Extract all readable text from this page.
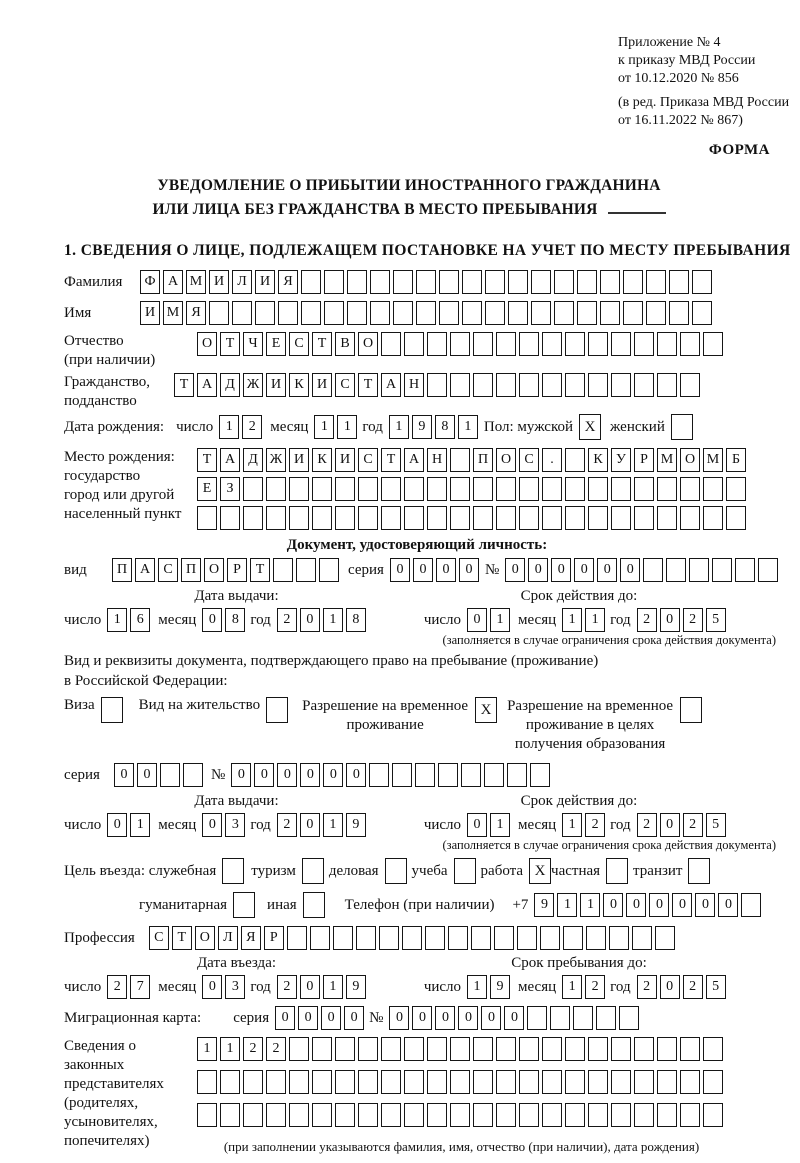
Приложение № 4
к приказу МВД России
от 10.12.2020 № 856
(в ред. Приказа МВД России
от 16.11.2022 № 867)
ФОРМА
УВЕДОМЛЕНИЕ О ПРИБЫТИИ ИНОСТРАННОГО ГРАЖДАНИНА
ИЛИ ЛИЦА БЕЗ ГРАЖДАНСТВА В МЕСТО ПРЕБЫВАНИЯ
1. СВЕДЕНИЯ О ЛИЦЕ, ПОДЛЕЖАЩЕМ ПОСТАНОВКЕ НА УЧЕТ ПО МЕСТУ ПРЕБЫВАНИЯ
Фамилия	Ф А М И Л И Я
Имя	И М Я
Отчество
(при наличии)
О Т	Ч	Е	С	Т	В О
Гражданство,
подданство
Т А Д Ж И К И С	Т А Н
Дата рождения: число 1	2 месяц 1	1 год 1	9	8	1 Пол: мужской X женский
Место рождения:
государство
город или другой
населенный пункт
Т А Д Ж И К И С	Т А Н	П О С	.	К У	Р М О М Б
Е	З
Документ, удостоверяющий личность:
вид	П А С П О	Р	Т	серия 0	0	0	0 № 0	0	0	0	0	0
Дата выдачи:	Срок действия до:
число 1	6 месяц 0	8 год 2	0	1	8	число 0	1 месяц 1	1 год 2	0	2	5
(заполняется в случае ограничения срока действия документа)
Вид и реквизиты документа, подтверждающего право на пребывание (проживание)
в Российской Федерации:
Виза	Вид на жительство	Разрешение на временное
проживание
X	Разрешение на временное
проживание в целях
получения образования
серия	0	0	№ 0	0	0	0	0	0
Дата выдачи:	Срок действия до:
число 0	1 месяц 0	3 год 2	0	1	9	число 0	1 месяц 1	2 год 2	0	2	5
(заполняется в случае ограничения срока действия документа)
Цель въезда: служебная туризм деловая учеба работа X частная транзит
гуманитарная	иная	Телефон (при наличии) +7 9	1	1	0	0	0	0	0	0
Профессия	С	Т О Л Я	Р
Дата въезда:	Срок пребывания до:
число 2	7 месяц 0	3 год 2	0	1	9	число 1	9 месяц 1	2 год 2	0	2	5
Миграционная карта: серия 0	0	0	0 № 0	0	0	0	0	0
Сведения о
законных
представителях
(родителях,
усыновителях,
попечителях)
1	1	2	2
(при заполнении указываются фамилия, имя, отчество (при наличии), дата рождения)
